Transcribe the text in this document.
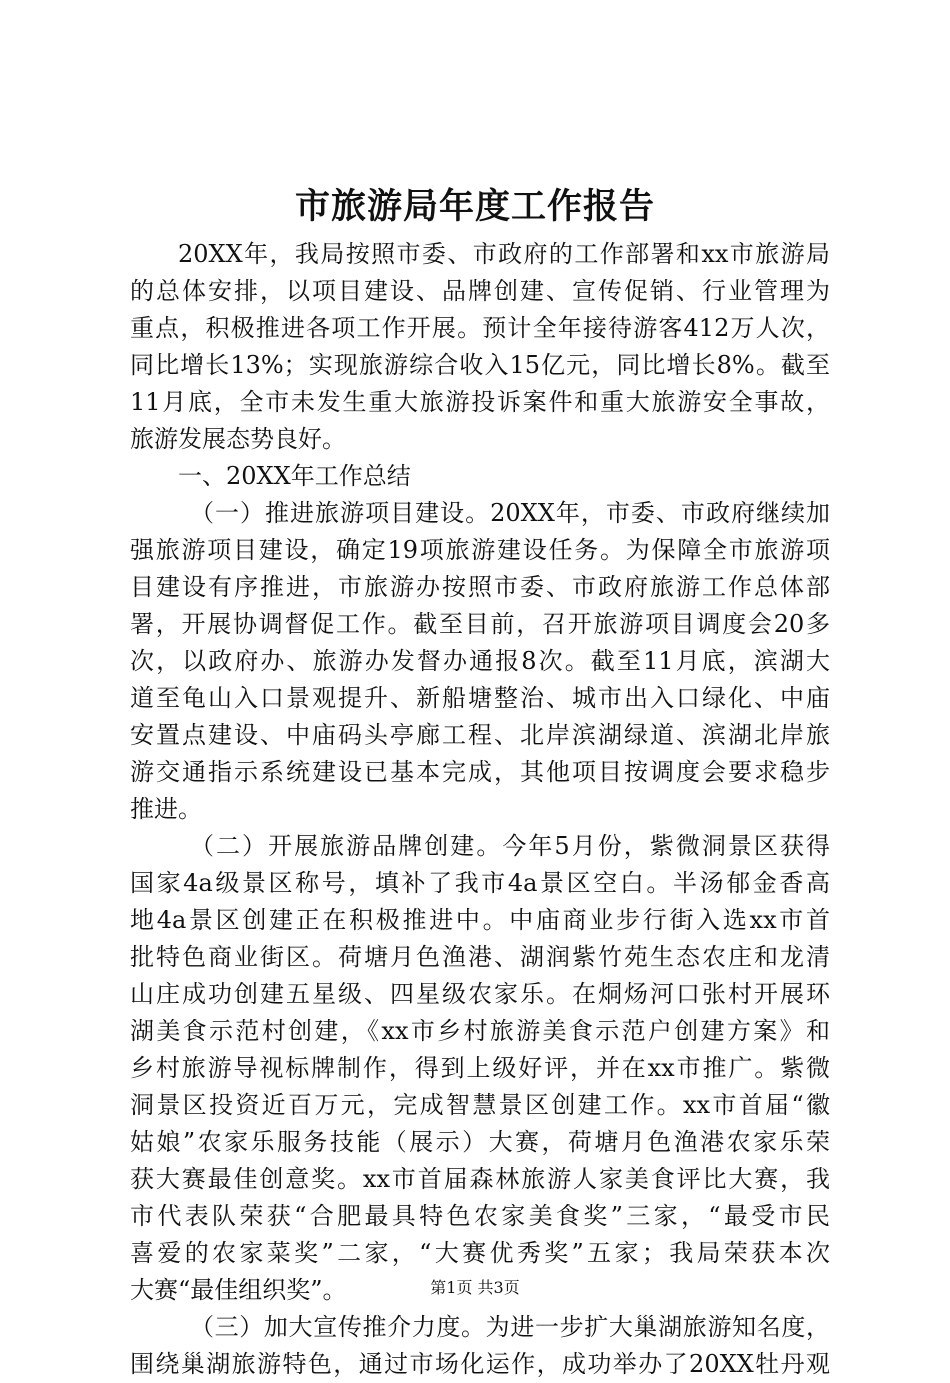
市旅游局年度工作报告
20XX年，我局按照市委、市政府的工作部署和xx市旅游局
的总体安排，以项目建设、品牌创建、宣传促销、行业管理为
重点，积极推进各项工作开展。预计全年接待游客412万人次，
同比增长13%；实现旅游综合收入15亿元，同比增长8%。截至
11月底，全市未发生重大旅游投诉案件和重大旅游安全事故，
旅游发展态势良好。
一、20XX年工作总结
（一）推进旅游项目建设。20XX年，市委、市政府继续加
强旅游项目建设，确定19项旅游建设任务。为保障全市旅游项
目建设有序推进，市旅游办按照市委、市政府旅游工作总体部
署，开展协调督促工作。截至目前，召开旅游项目调度会20多
次，以政府办、旅游办发督办通报8次。截至11月底，滨湖大
道至龟山入口景观提升、新船塘整治、城市出入口绿化、中庙
安置点建设、中庙码头亭廊工程、北岸滨湖绿道、滨湖北岸旅
游交通指示系统建设已基本完成，其他项目按调度会要求稳步
推进。
（二）开展旅游品牌创建。今年5月份，紫微洞景区获得
国家4a级景区称号，填补了我市4a景区空白。半汤郁金香高
地4a景区创建正在积极推进中。中庙商业步行街入选xx市首
批特色商业街区。荷塘月色渔港、湖润紫竹苑生态农庄和龙清
山庄成功创建五星级、四星级农家乐。在烔炀河口张村开展环
湖美食示范村创建，《xx市乡村旅游美食示范户创建方案》和
乡村旅游导视标牌制作，得到上级好评，并在xx市推广。紫微
洞景区投资近百万元，完成智慧景区创建工作。xx市首届“徽
姑娘”农家乐服务技能（展示）大赛，荷塘月色渔港农家乐荣
获大赛最佳创意奖。xx市首届森林旅游人家美食评比大赛，我
市代表队荣获“合肥最具特色农家美食奖”三家，“最受市民
喜爱的农家菜奖”二家，“大赛优秀奖”五家；我局荣获本次
大赛“最佳组织奖”。
（三）加大宣传推介力度。为进一步扩大巢湖旅游知名度，
围绕巢湖旅游特色，通过市场化运作，成功举办了20XX牡丹观
第1页 共3页
